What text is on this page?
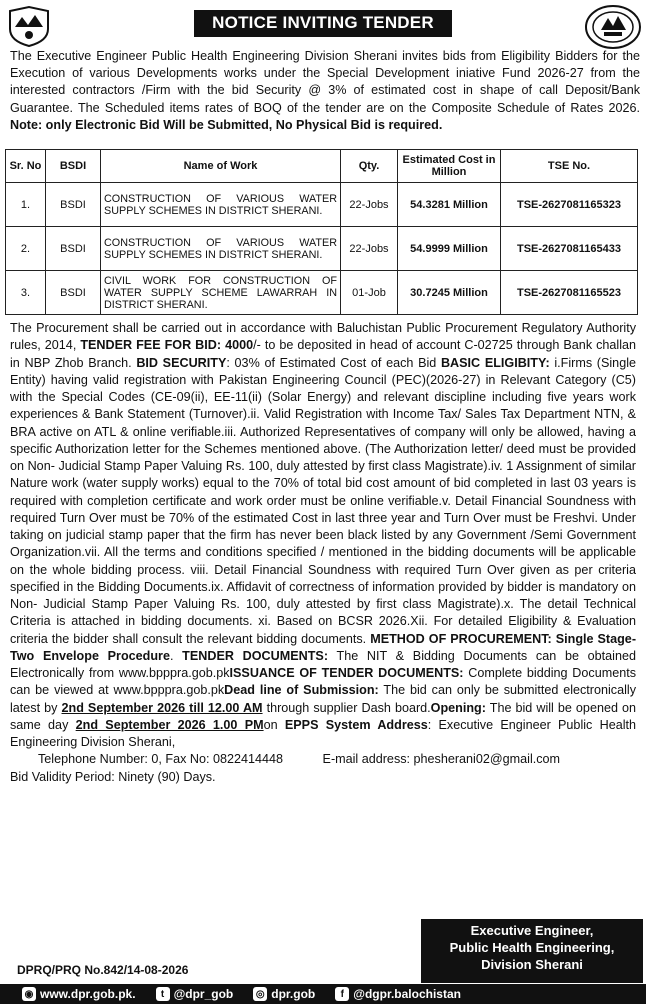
NOTICE INVITING TENDER
The Executive Engineer Public Health Engineering Division Sherani invites bids from Eligibility Bidders for the Execution of various Developments works under the Special Development iniative Fund 2026-27 from the interested contractors /Firm with the bid Security @ 3% of estimated cost in shape of call Deposit/Bank Guarantee. The Scheduled items rates of BOQ of the tender are on the Composite Schedule of Rates 2026. Note: only Electronic Bid Will be Submitted, No Physical Bid is required.
Sr. No	BSDI	Name of Work	Qty.	Estimated Cost in Million	TSE No.
1.	BSDI	CONSTRUCTION OF VARIOUS WATER SUPPLY SCHEMES IN DISTRICT SHERANI.	22-Jobs	54.3281 Million	TSE-2627081165323
2.	BSDI	CONSTRUCTION OF VARIOUS WATER SUPPLY SCHEMES IN DISTRICT SHERANI.	22-Jobs	54.9999 Million	TSE-2627081165433
3.	BSDI	CIVIL WORK FOR CONSTRUCTION OF WATER SUPPLY SCHEME LAWARRAH IN DISTRICT SHERANI.	01-Job	30.7245 Million	TSE-2627081165523
The Procurement shall be carried out in accordance with Baluchistan Public Procurement Regulatory Authority rules, 2014, TENDER FEE FOR BID: 4000/- to be deposited in head of account C-02725 through Bank challan in NBP Zhob Branch. BID SECURITY: 03% of Estimated Cost of each Bid BASIC ELIGIBITY: i.Firms (Single Entity) having valid registration with Pakistan Engineering Council (PEC)(2026-27) in Relevant Category (C5) with the Special Codes (CE-09(ii), EE-11(ii) (Solar Energy) and relevant discipline including five years work experiences & Bank Statement (Turnover).ii. Valid Registration with Income Tax/ Sales Tax Department NTN, & BRA active on ATL & online verifiable.iii. Authorized Representatives of company will only be allowed, having a specific Authorization letter for the Schemes mentioned above. (The Authorization letter/ deed must be provided on Non- Judicial Stamp Paper Valuing Rs. 100, duly attested by first class Magistrate).iv. 1 Assignment of similar Nature work (water supply works) equal to the 70% of total bid cost amount of bid completed in last 03 years is required with completion certificate and work order must be online verifiable.v. Detail Financial Soundness with required Turn Over must be 70% of the estimated Cost in last three year and Turn Over must be Freshvi. Under taking on judicial stamp paper that the firm has never been black listed by any Government /Semi Government Organization.vii. All the terms and conditions specified / mentioned in the bidding documents will be applicable on the whole bidding process. viii. Detail Financial Soundness with required Turn Over given as per criteria specified in the Bidding Documents.ix. Affidavit of correctness of information provided by bidder is mandatory on Non- Judicial Stamp Paper Valuing Rs. 100, duly attested by first class Magistrate).x. The detail Technical Criteria is attached in bidding documents. xi. Based on BCSR 2026.Xii. For detailed Eligibility & Evaluation criteria the bidder shall consult the relevant bidding documents. METHOD OF PROCUREMENT: Single Stage-Two Envelope Procedure. TENDER DOCUMENTS: The NIT & Bidding Documents can be obtained Electronically from www.bpppra.gob.pkISSUANCE OF TENDER DOCUMENTS: Complete bidding Documents can be viewed at www.bpppra.gob.pkDead line of Submission: The bid can only be submitted electronically latest by 2nd September 2026 till 12.00 AM through supplier Dash board.Opening: The bid will be opened on same day 2nd September 2026 1.00 PMon EPPS System Address: Executive Engineer Public Health Engineering Division Sherani,
Telephone Number: 0, Fax No: 0822414448	E-mail address: phesherani02@gmail.com
Bid Validity Period: Ninety (90) Days.
Executive Engineer,
Public Health Engineering,
Division Sherani
DPRQ/PRQ No.842/14-08-2026
◉ www.dpr.gob.pk.	t @dpr_gob ◎ dpr.gob	f @dgpr.balochistan
